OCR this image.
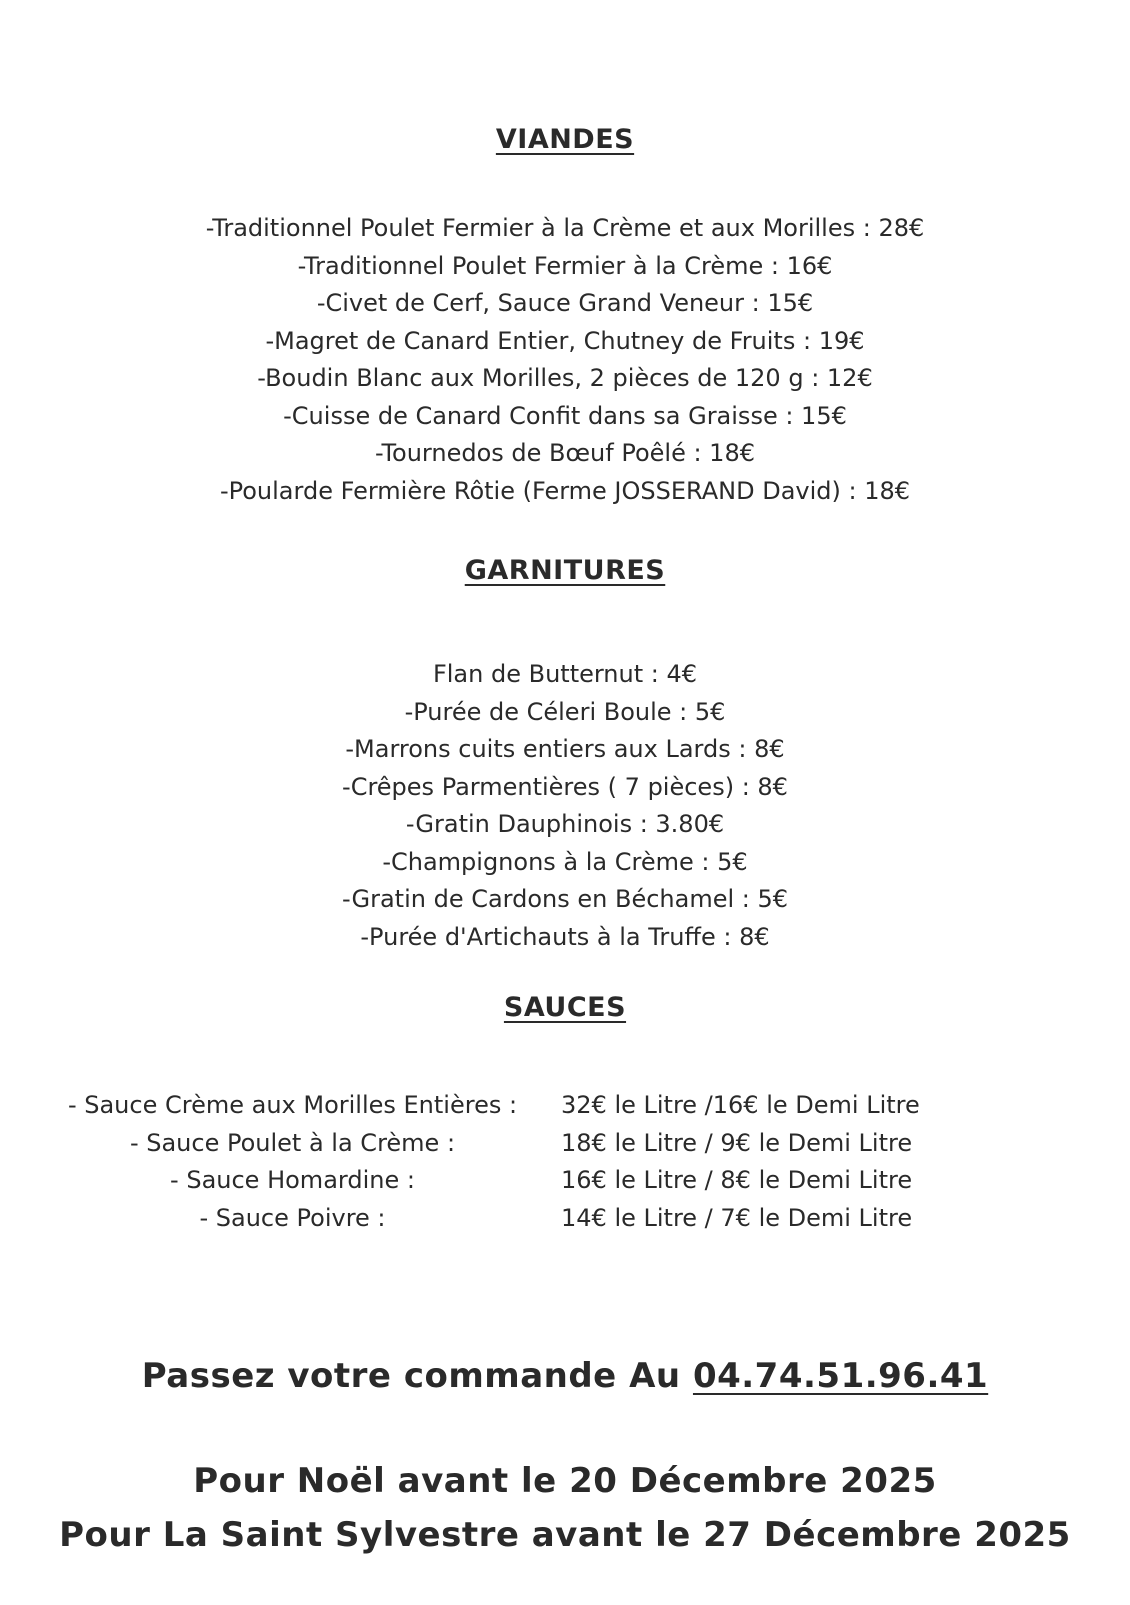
VIANDES
-Traditionnel Poulet Fermier à la Crème et aux Morilles : 28€
-Traditionnel Poulet Fermier à la Crème : 16€
-Civet de Cerf, Sauce Grand Veneur : 15€
-Magret de Canard Entier, Chutney de Fruits : 19€
-Boudin Blanc aux Morilles, 2 pièces de 120 g : 12€
-Cuisse de Canard Confit dans sa Graisse : 15€
-Tournedos de Bœuf Poêlé : 18€
-Poularde Fermière Rôtie (Ferme JOSSERAND David) : 18€
GARNITURES
Flan de Butternut : 4€
-Purée de Céleri Boule : 5€
-Marrons cuits entiers aux Lards : 8€
-Crêpes Parmentières ( 7 pièces) : 8€
-Gratin Dauphinois : 3.80€
-Champignons à la Crème : 5€
-Gratin de Cardons en Béchamel : 5€
-Purée d'Artichauts à la Truffe : 8€
SAUCES
- Sauce Crème aux Morilles Entières :
- Sauce Poulet à la Crème :
- Sauce Homardine :
- Sauce Poivre :
32€ le Litre /16€ le Demi Litre
18€ le Litre / 9€ le Demi Litre
16€ le Litre / 8€ le Demi Litre
14€ le Litre / 7€ le Demi Litre
Passez votre commande Au 04.74.51.96.41
Pour Noël avant le 20 Décembre 2025
Pour La Saint Sylvestre avant le 27 Décembre 2025
